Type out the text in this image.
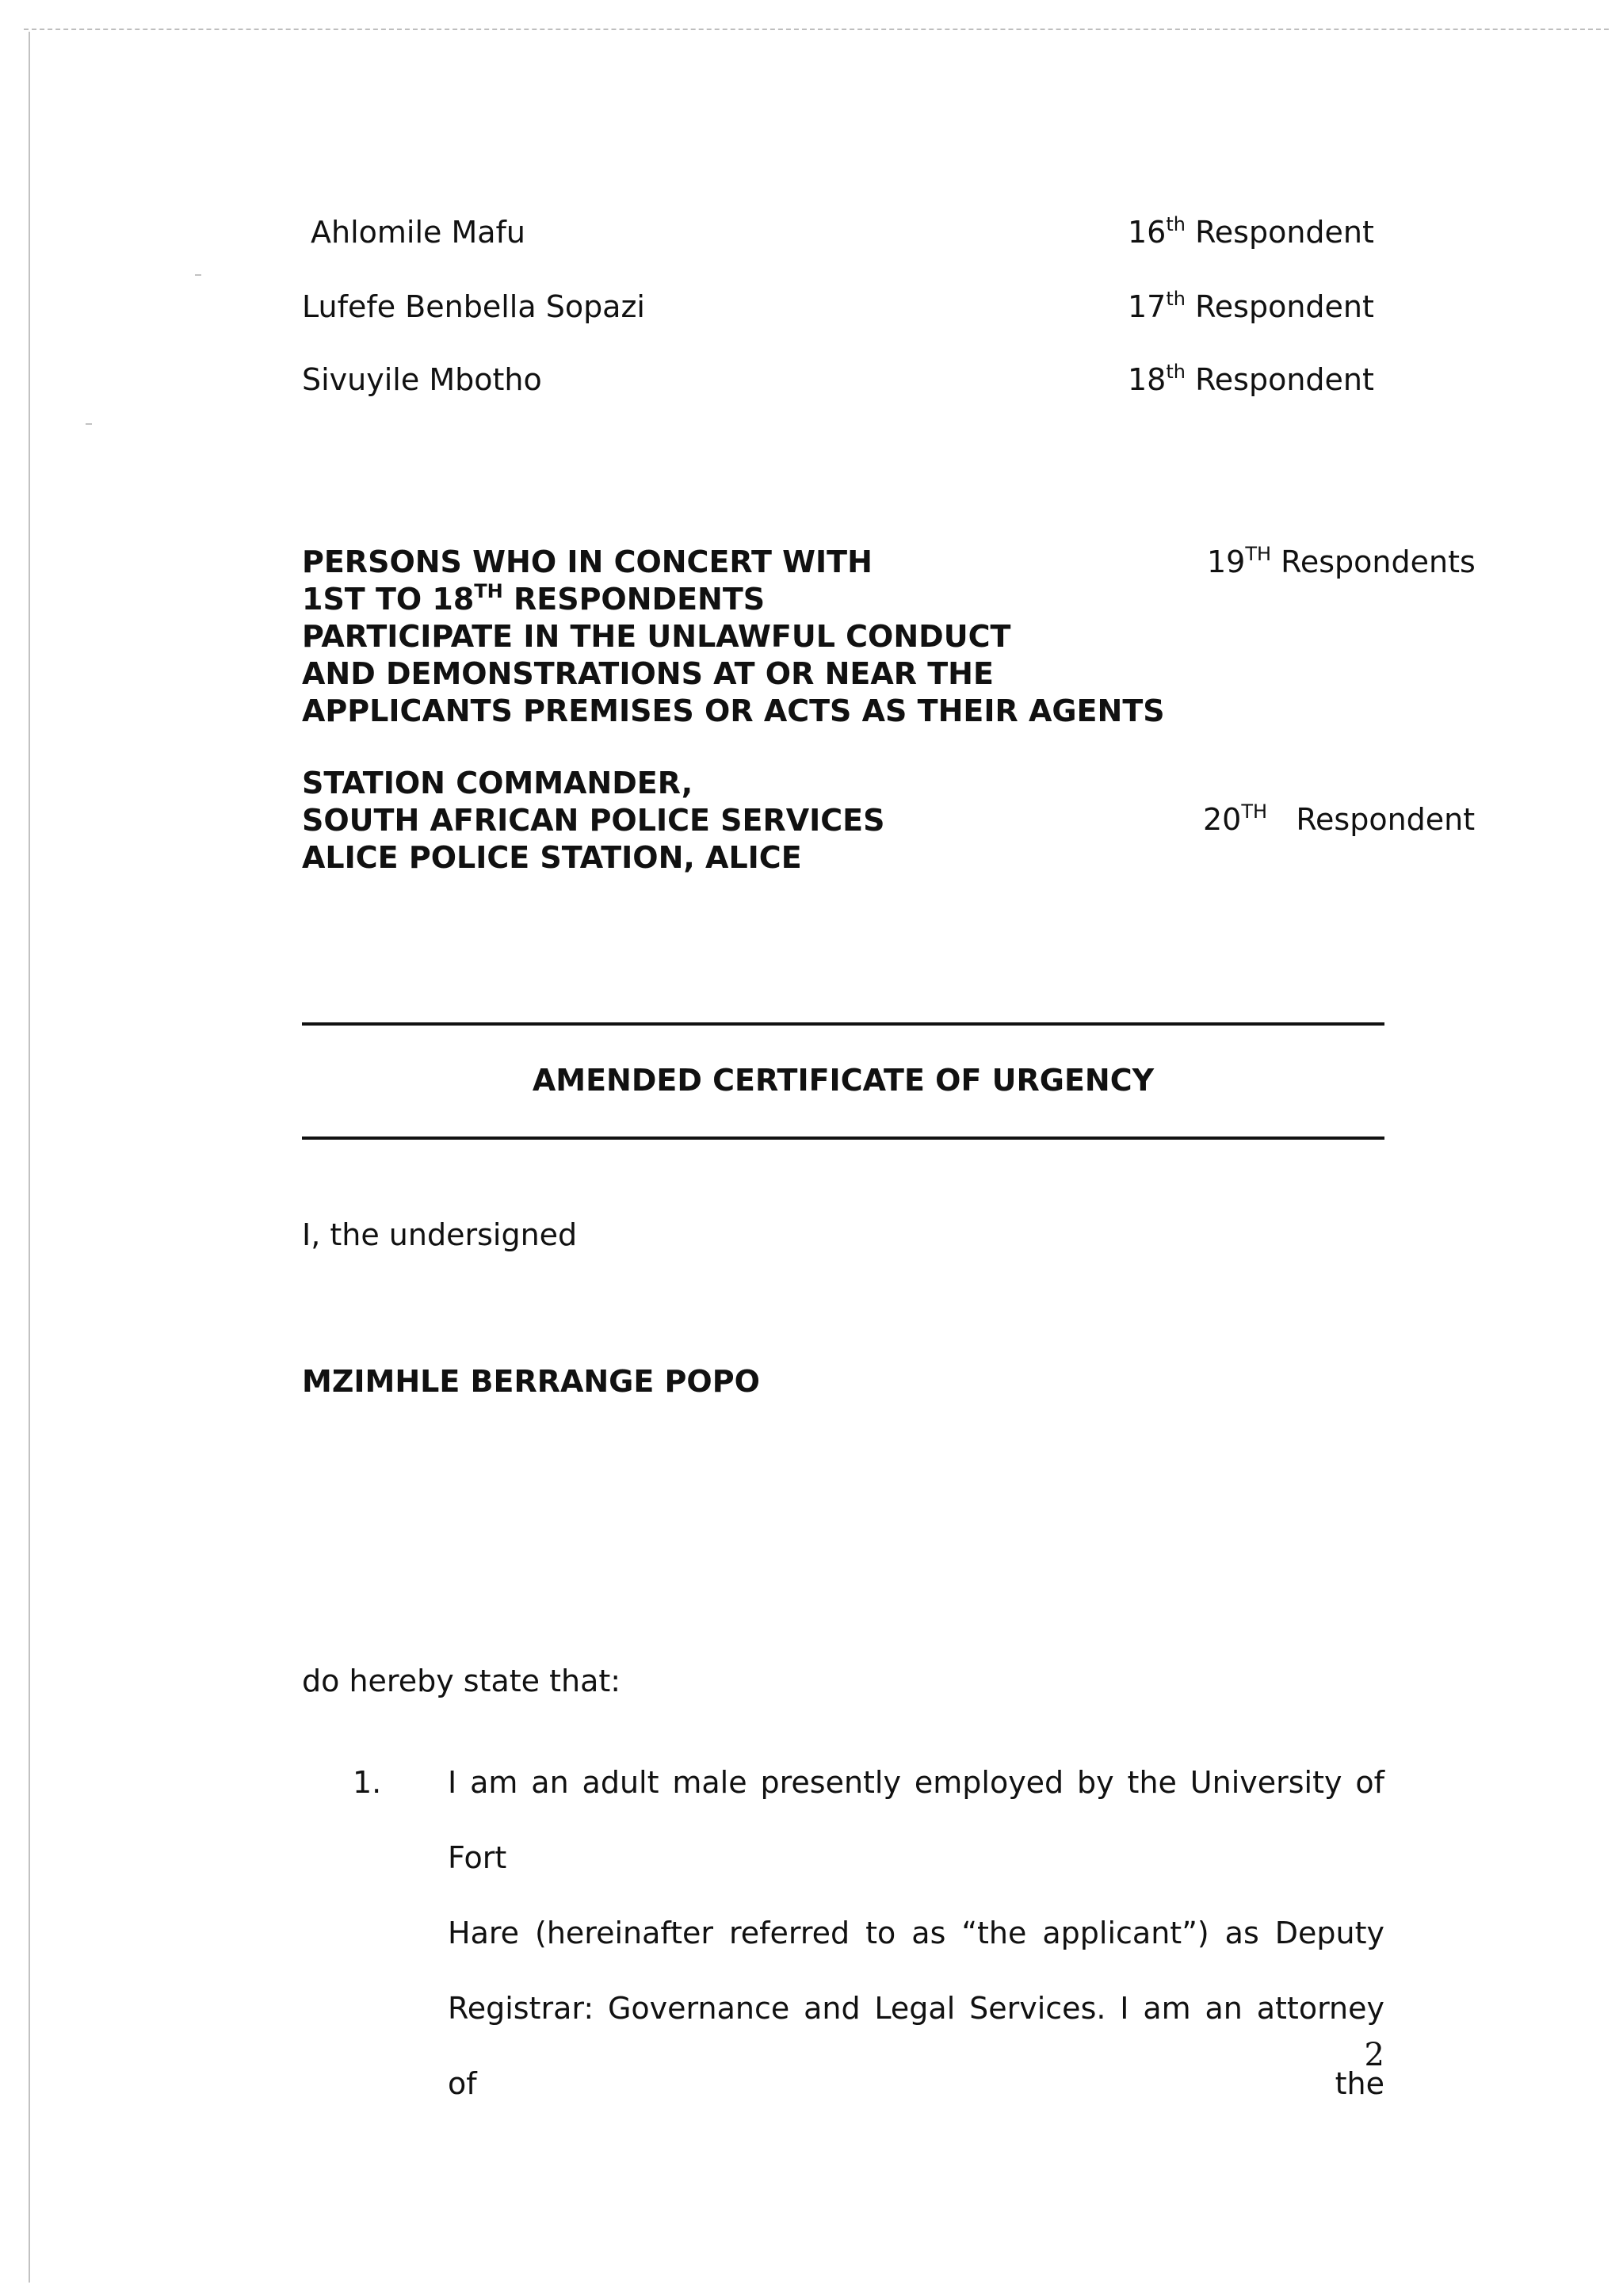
Ahlomile Mafu	16th Respondent
Lufefe Benbella Sopazi	17th Respondent
Sivuyile Mbotho	18th Respondent
PERSONS WHO IN CONCERT WITH
1ST TO 18TH RESPONDENTS
PARTICIPATE IN THE UNLAWFUL CONDUCT
AND DEMONSTRATIONS AT OR NEAR THE
APPLICANTS PREMISES OR ACTS AS THEIR AGENTS
19TH Respondents
STATION COMMANDER,
SOUTH AFRICAN POLICE SERVICES
ALICE POLICE STATION, ALICE
20TH Respondent
AMENDED CERTIFICATE OF URGENCY
I, the undersigned
MZIMHLE BERRANGE POPO
do hereby state that:
1. I am an adult male presently employed by the University of Fort
Hare (hereinafter referred to as “the applicant”) as Deputy
Registrar: Governance and Legal Services. I am an attorney of the
2
